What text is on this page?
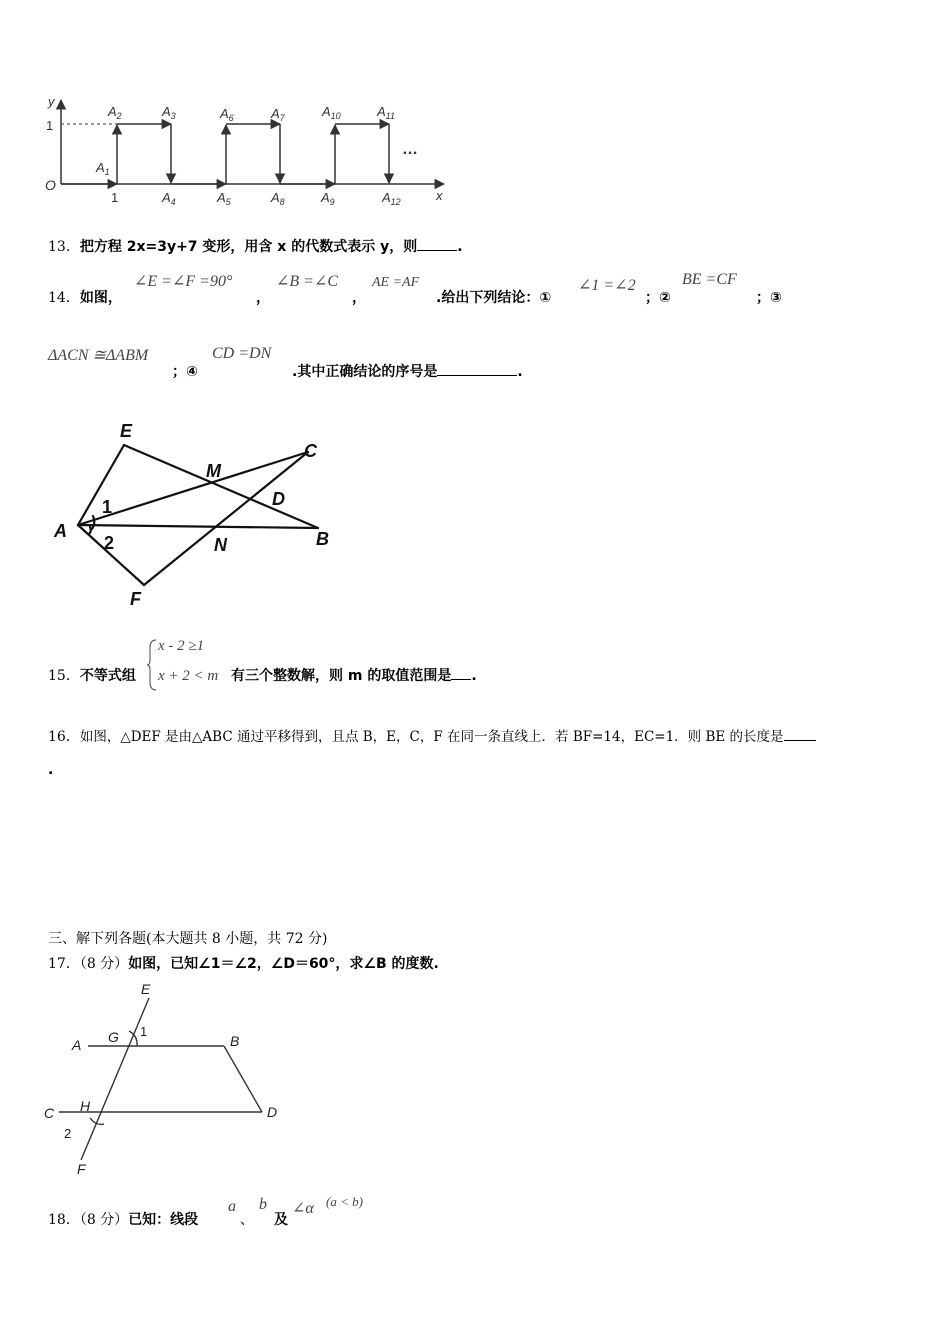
y
x
O
1
1
…
$A_1$
$A_2$	$A_3$
$A_4$	$A_5$
$A_6$	$A_7$
$A_8$	$A_9$
$A_{10}$	$A_{11}$
$A_{12}$
13．把方程 2x=3y+7 变形，用含 x 的代数式表示 y，则	.
14．如图，
∠E =∠F =90°
，
∠B =∠C
，
AE =AF
.给出下列结论：①
∠1 =∠2
；②
BE =CF
；③
ΔACN ≅ΔABM
；④
CD =DN
.其中正确结论的序号是	.
E
C
M
D
1
A
2	N	B
F
15．不等式组
x - 2 ≥1
x + 2 < m 有三个整数解，则 m 的取值范围是 .
16．如图，△DEF 是由△ABC 通过平移得到，且点 B，E，C，F 在同一条直线上．若 BF=14，EC=1．则 BE 的长度是
.
三、解下列各题(本大题共 8 小题，共 72 分)
17．（8 分）如图，已知∠1＝∠2，∠D＝60°，求∠B 的度数.
E
G 1
A	B
C H	D
2
F
18．（8 分）已知：线段
a
、
b
及
∠α (a < b)
